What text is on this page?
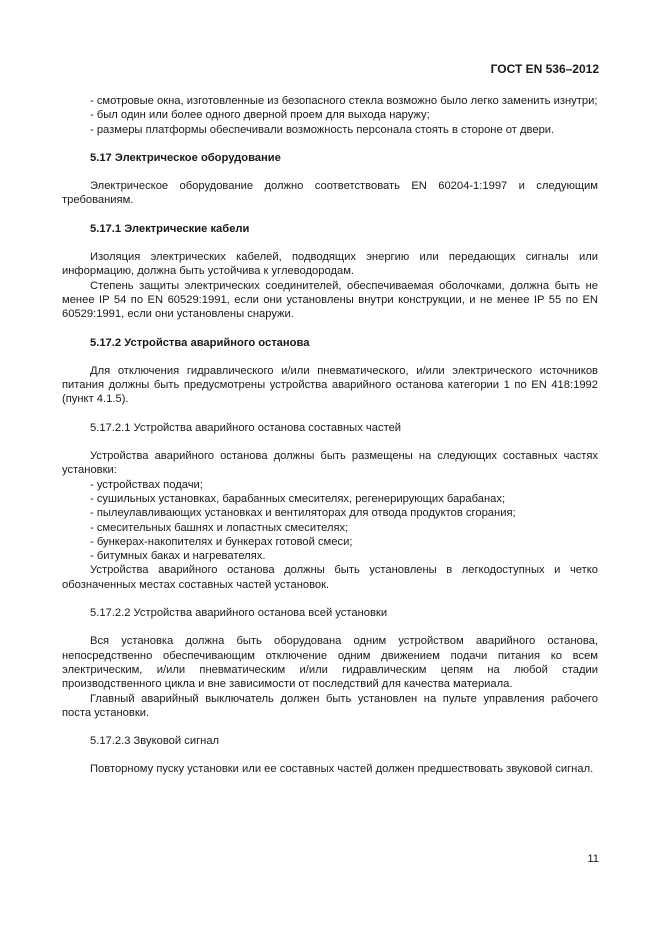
ГОСТ EN 536–2012

- смотровые окна, изготовленные из безопасного стекла возможно было легко заменить изнутри;

- был один или более одного дверной проем для выхода наружу;

- размеры платформы обеспечивали возможность персонала стоять в стороне от двери.

5.17 Электрическое оборудование

Электрическое оборудование должно соответствовать EN 60204-1:1997 и следующим требованиям.

5.17.1 Электрические кабели

Изоляция электрических кабелей, подводящих энергию или передающих сигналы или информацию, должна быть устойчива к углеводородам.

Степень защиты электрических соединителей, обеспечиваемая оболочками, должна быть не менее IP 54 по EN 60529:1991, если они установлены внутри конструкции, и не менее IP 55 по EN 60529:1991, если они установлены снаружи.

5.17.2 Устройства аварийного останова

Для отключения гидравлического и/или пневматического, и/или электрического источников питания должны быть предусмотрены устройства аварийного останова категории 1 по EN 418:1992 (пункт 4.1.5).

5.17.2.1 Устройства аварийного останова составных частей

Устройства аварийного останова должны быть размещены на следующих составных частях установки:

- устройствах подачи;

- сушильных установках, барабанных смесителях, регенерирующих барабанах;

- пылеулавливающих установках и вентиляторах для отвода продуктов сгорания;

- смесительных башнях и лопастных смесителях;

- бункерах-накопителях и бункерах готовой смеси;

- битумных баках и нагревателях.

Устройства аварийного останова должны быть установлены в легкодоступных и четко обозначенных местах составных частей установок.

5.17.2.2 Устройства аварийного останова всей установки

Вся установка должна быть оборудована одним устройством аварийного останова, непосредственно обеспечивающим отключение одним движением подачи питания ко всем электрическим, и/или пневматическим и/или гидравлическим цепям на любой стадии производственного цикла и вне зависимости от последствий для качества материала.

Главный аварийный выключатель должен быть установлен на пульте управления рабочего поста установки.

5.17.2.3 Звуковой сигнал

Повторному пуску установки или ее составных частей должен предшествовать звуковой сигнал.

11
